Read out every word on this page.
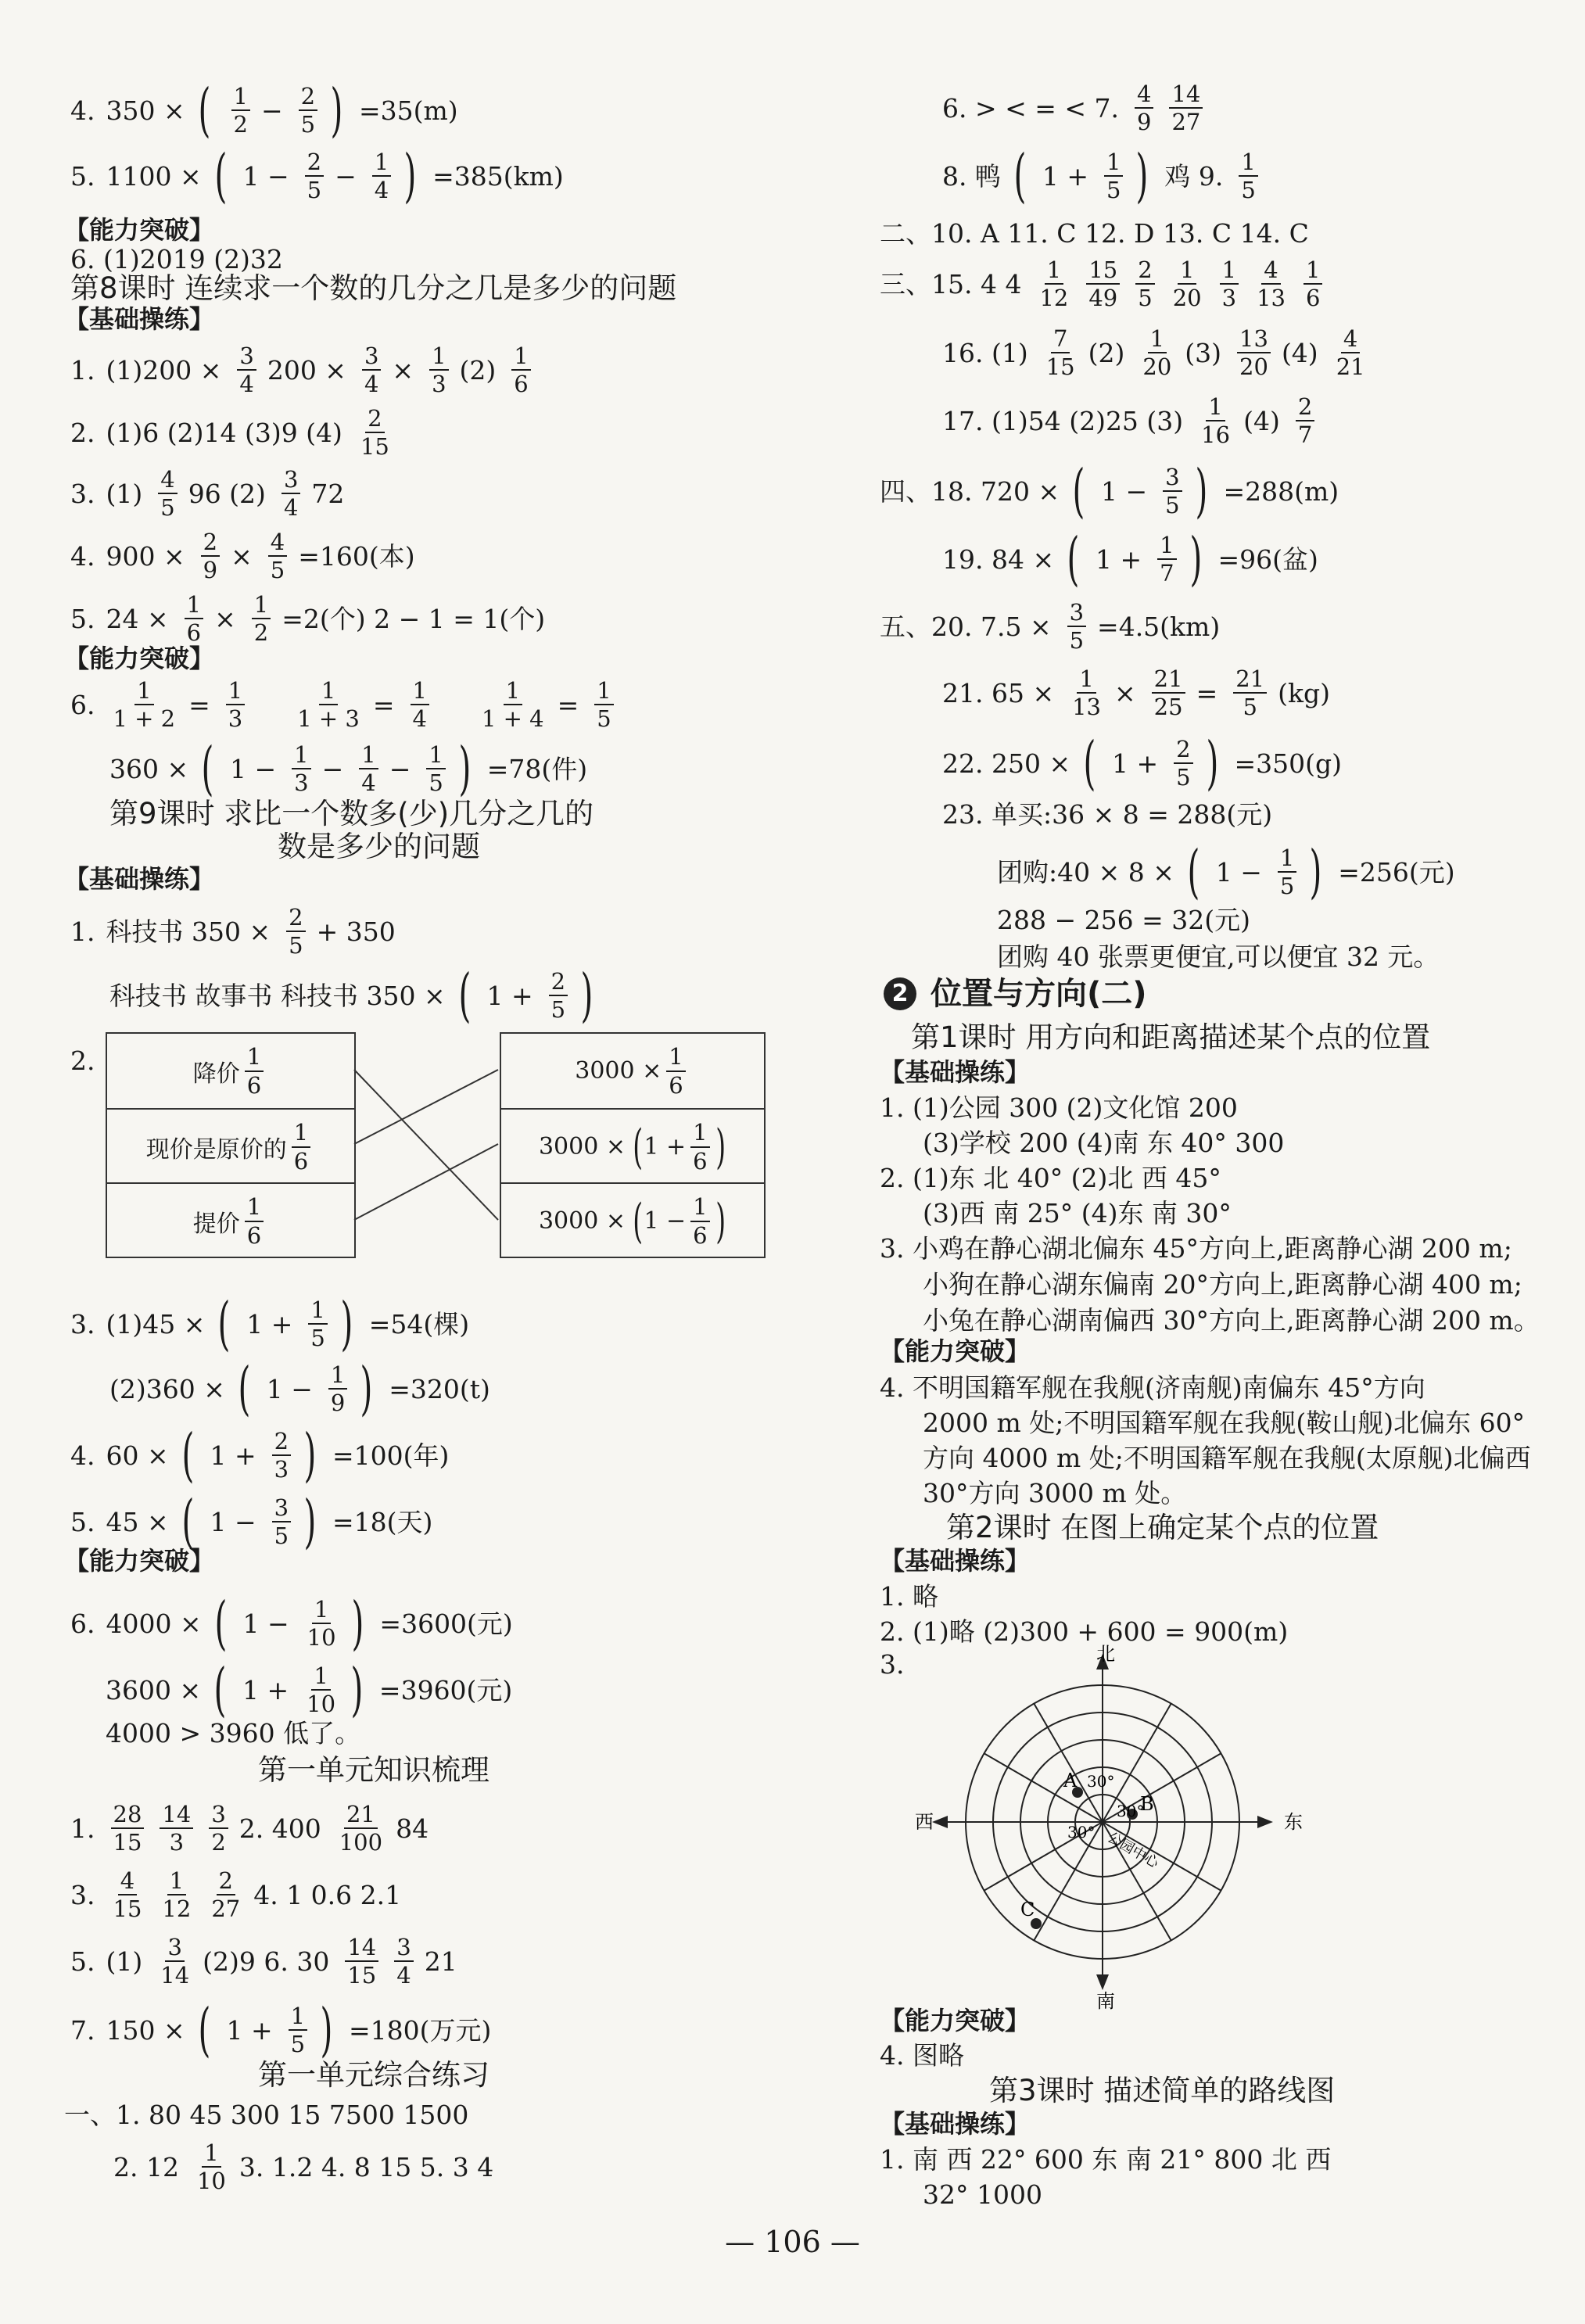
4. 350 × ( $\frac{1}{2} - \frac{2}{5}$ ) =35(m)
5. 1100 × ( $1 - \frac{2}{5} - \frac{1}{4}$ ) =385(km)
【能力突破】
6. (1)2019 (2)32
第8课时 连续求一个数的几分之几是多少的问题
【基础操练】
1. $(1)200 \times \frac{3}{4} 200 \times \frac{3}{4} \times \frac{1}{3} (2) \frac{1}{6}$
2. (1)6 (2)14 (3)9 $(4) \frac{2}{15}$
3. $(1) \frac{4}{5} 96$ $(2) \frac{3}{4} 72$
4. $900 \times \frac{2}{9} \times \frac{4}{5} =160$(本)
5. $24 \times \frac{1}{6} \times \frac{1}{2} =2$(个) 2 − 1 = 1(个)
【能力突破】
6. $\frac{1}{1 + 2} = \frac{1}{3} \frac{1}{1 + 3} = \frac{1}{4} \frac{1}{1 + 4} = \frac{1}{5}$
360 × ( $1 - \frac{1}{3} - \frac{1}{4} - \frac{1}{5}$ ) =78(件)
第9课时 求比一个数多(少)几分之几的
数是多少的问题
【基础操练】
1. 科技书 $350 \times \frac{2}{5} + 350$
科技书 故事书 科技书 350 × ( $1 + \frac{2}{5}$ )
2.	降价 $\frac{1}{6}$
现价是原价的 $\frac{1}{6}$
提价 $\frac{1}{6}$
$3000 \times \frac{1}{6}$
3000 × ( $1 + \frac{1}{6}$ )
3000 × ( $1 - \frac{1}{6}$ )
3. (1)45 × ( $1 + \frac{1}{5}$ ) =54(棵)
(2)360 × ( $1 - \frac{1}{9}$ ) =320(t)
4. 60 × ( $1 + \frac{2}{3}$ ) =100(年)
5. 45 × ( $1 - \frac{3}{5}$ ) =18(天)
【能力突破】
6. 4000 × ( $1 - \frac{1}{10}$ ) =3600(元)
3600 × ( $1 + \frac{1}{10}$ ) =3960(元)
4000 > 3960 低了。
第一单元知识梳理
1. $\frac{28}{15} \frac{14}{3} \frac{3}{2} 2$. $400 \frac{21}{100} 84$
3. $\frac{4}{15} \frac{1}{12} \frac{2}{27} 4$. 1 0.6 2.1
5. $(1) \frac{3}{14} (2)9$ 6. $30 \frac{14}{15} \frac{3}{4} 21$
7. 150 × ( $1 + \frac{1}{5}$ ) =180(万元)
第一单元综合练习
一、1. 80 45 300 15 7500 1500
2. $12 \frac{1}{10} 3$. 1.2 4. 8 15 5. 3 4
6. > < = < 7. $\frac{4}{9} \frac{14}{27}$
8. 鸭 ( $1 + \frac{1}{5}$ ) 鸡 9. $\frac{1}{5}$
二、10. A 11. C 12. D 13. C 14. C
三、15. 4 $4 \frac{1}{12} \frac{15}{49} \frac{2}{5} \frac{1}{20} \frac{1}{3} \frac{4}{13} \frac{1}{6}$
16. $(1) \frac{7}{15} (2) \frac{1}{20} (3) \frac{13}{20} (4) \frac{4}{21}$
17. (1)54 (2)25 $(3) \frac{1}{16} (4) \frac{2}{7}$
四、18. 720 × ( $1 - \frac{3}{5}$ ) =288(m)
19. 84 × ( $1 + \frac{1}{7}$ ) =96(盆)
五、20. $7.5 \times \frac{3}{5} =4.5(km)$
21. $65 \times \frac{1}{13} \times \frac{21}{25} = \frac{21}{5} (kg)$
22. 250 × ( $1 + \frac{2}{5}$ ) =350(g)
23. 单买:36 × 8 = 288(元)
团购:40 × 8 × ( $1 - \frac{1}{5}$ ) =256(元)
288 − 256 = 32(元)
团购 40 张票更便宜,可以便宜 32 元。
2 位置与方向(二)
第1课时 用方向和距离描述某个点的位置
【基础操练】
1. (1)公园 300 (2)文化馆 200
(3)学校 200 (4)南 东 40° 300
2. (1)东 北 40° (2)北 西 45°
(3)西 南 25° (4)东 南 30°
3. 小鸡在静心湖北偏东 45°方向上,距离静心湖 200 m;
小狗在静心湖东偏南 20°方向上,距离静心湖 400 m;
小兔在静心湖南偏西 30°方向上,距离静心湖 200 m。
【能力突破】
4. 不明国籍军舰在我舰(济南舰)南偏东 45°方向
2000 m 处;不明国籍军舰在我舰(鞍山舰)北偏东 60°
方向 4000 m 处;不明国籍军舰在我舰(太原舰)北偏西
30°方向 3000 m 处。
第2课时 在图上确定某个点的位置
【基础操练】
1. 略
2. (1)略 (2)300 + 600 = 900(m)
3.	北
南
东
西
A
B
C
30°
30°
30° 公园中心
【能力突破】
4. 图略
第3课时 描述简单的路线图
【基础操练】
1. 南 西 22° 600 东 南 21° 800 北 西
32° 1000
— 106 —
